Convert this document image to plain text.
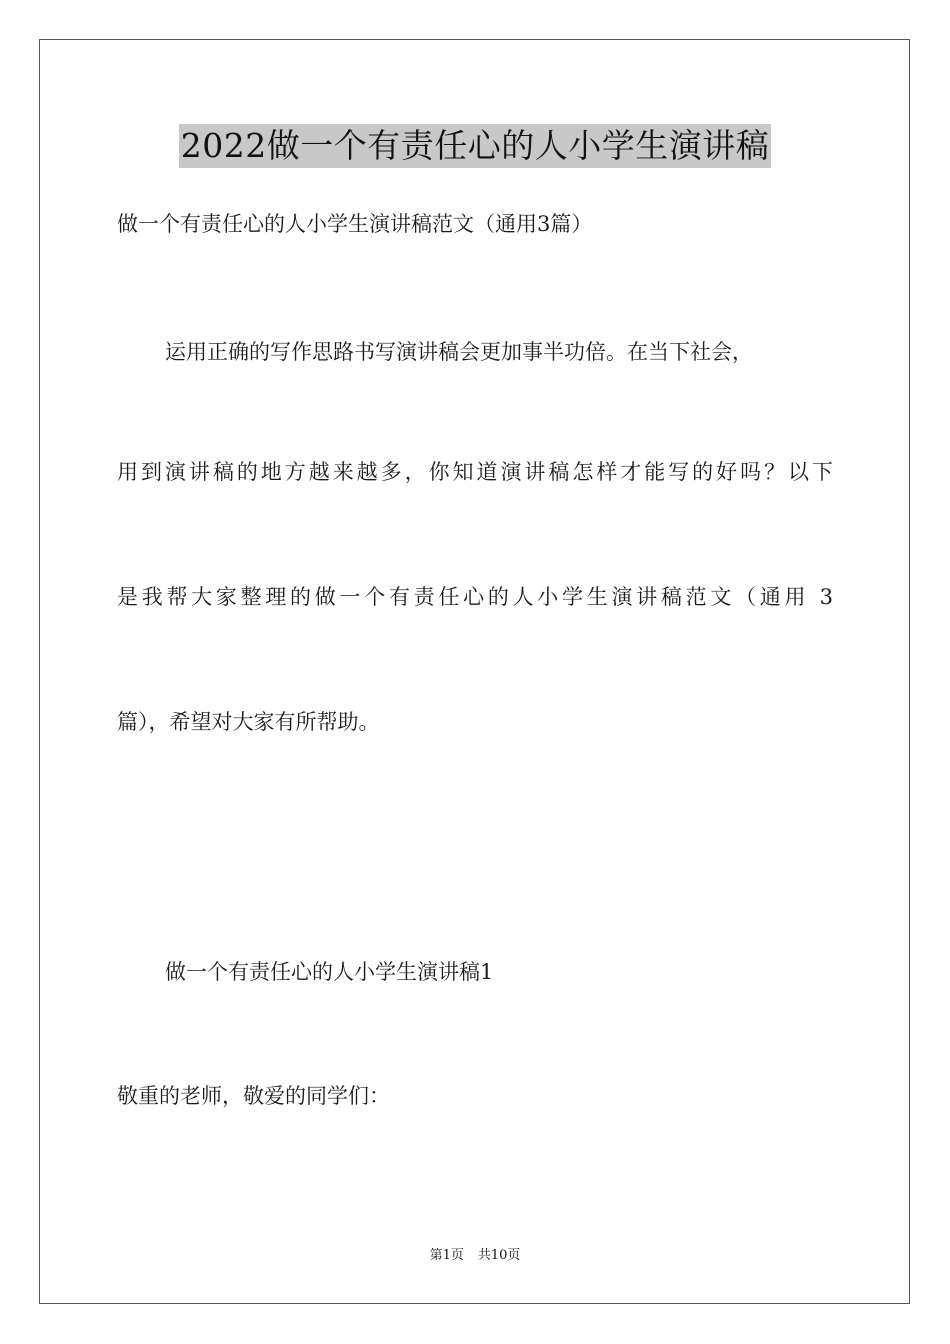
2022做一个有责任心的人小学生演讲稿
做一个有责任心的人小学生演讲稿范文（通用3篇）
运用正确的写作思路书写演讲稿会更加事半功倍。在当下社会，
用到演讲稿的地方越来越多，你知道演讲稿怎样才能写的好吗？以下
是我帮大家整理的做一个有责任心的人小学生演讲稿范文（通用 3
篇），希望对大家有所帮助。
做一个有责任心的人小学生演讲稿1
敬重的老师，敬爱的同学们：
第1页 共10页
